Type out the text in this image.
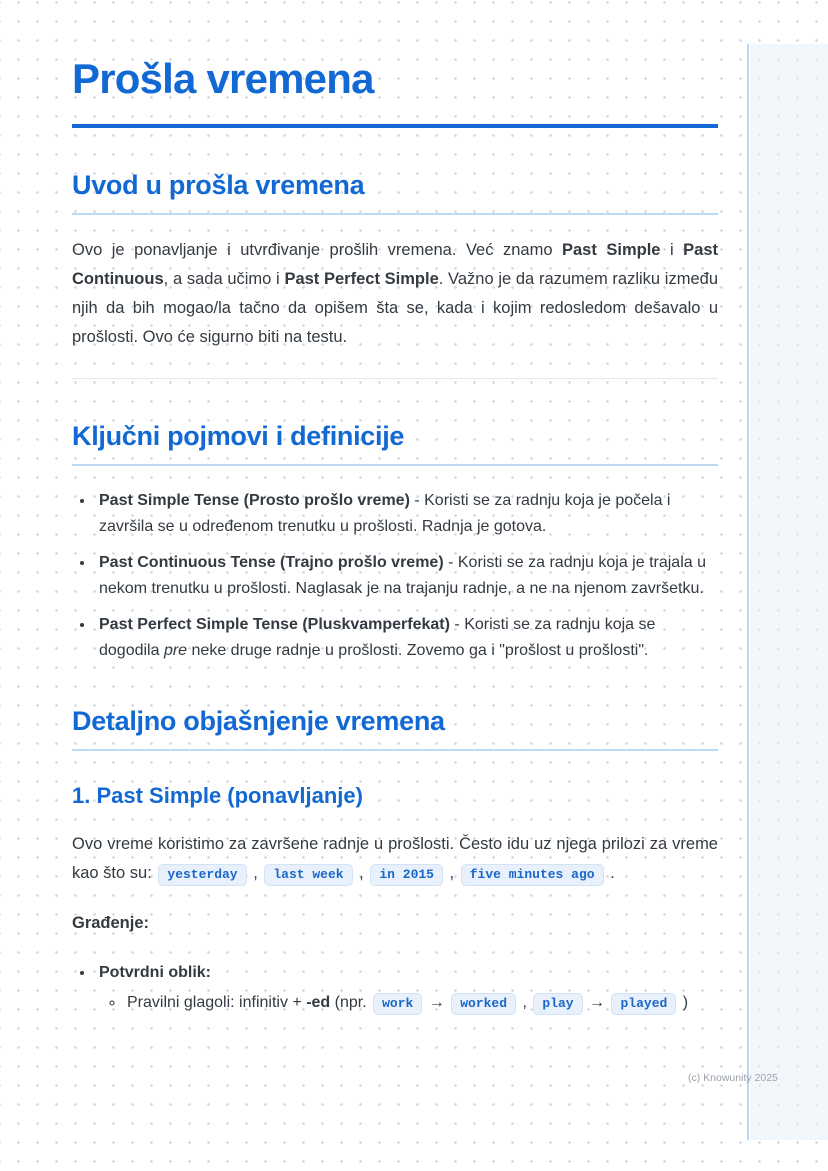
Prošla vremena
Uvod u prošla vremena

Ovo je ponavljanje i utvrđivanje prošlih vremena. Već znamo Past Simple i Past Continuous, a sada učimo i Past Perfect Simple. Važno je da razumem razliku između njih da bih mogao/la tačno da opišem šta se, kada i kojim redosledom dešavalo u prošlosti. Ovo će sigurno biti na testu.

Ključni pojmovi i definicije
• Past Simple Tense (Prosto prošlo vreme) - Koristi se za radnju koja je počela i završila se u određenom trenutku u prošlosti. Radnja je gotova.
• Past Continuous Tense (Trajno prošlo vreme) - Koristi se za radnju koja je trajala u nekom trenutku u prošlosti. Naglasak je na trajanju radnje, a ne na njenom završetku.
• Past Perfect Simple Tense (Pluskvamperfekat) - Koristi se za radnju koja se dogodila pre neke druge radnje u prošlosti. Zovemo ga i "prošlost u prošlosti".
Detaljno objašnjenje vremena
1. Past Simple (ponavljanje)

Ovo vreme koristimo za završene radnje u prošlosti. Često idu uz njega prilozi za vreme kao što su: yesterday , last week , in 2015 , five minutes ago .

Građenje:

• Potvrdni oblik:
◦ Pravilni glagoli: infinitiv + -ed (npr. work → worked , play → played )
(c) Knowunity 2025
